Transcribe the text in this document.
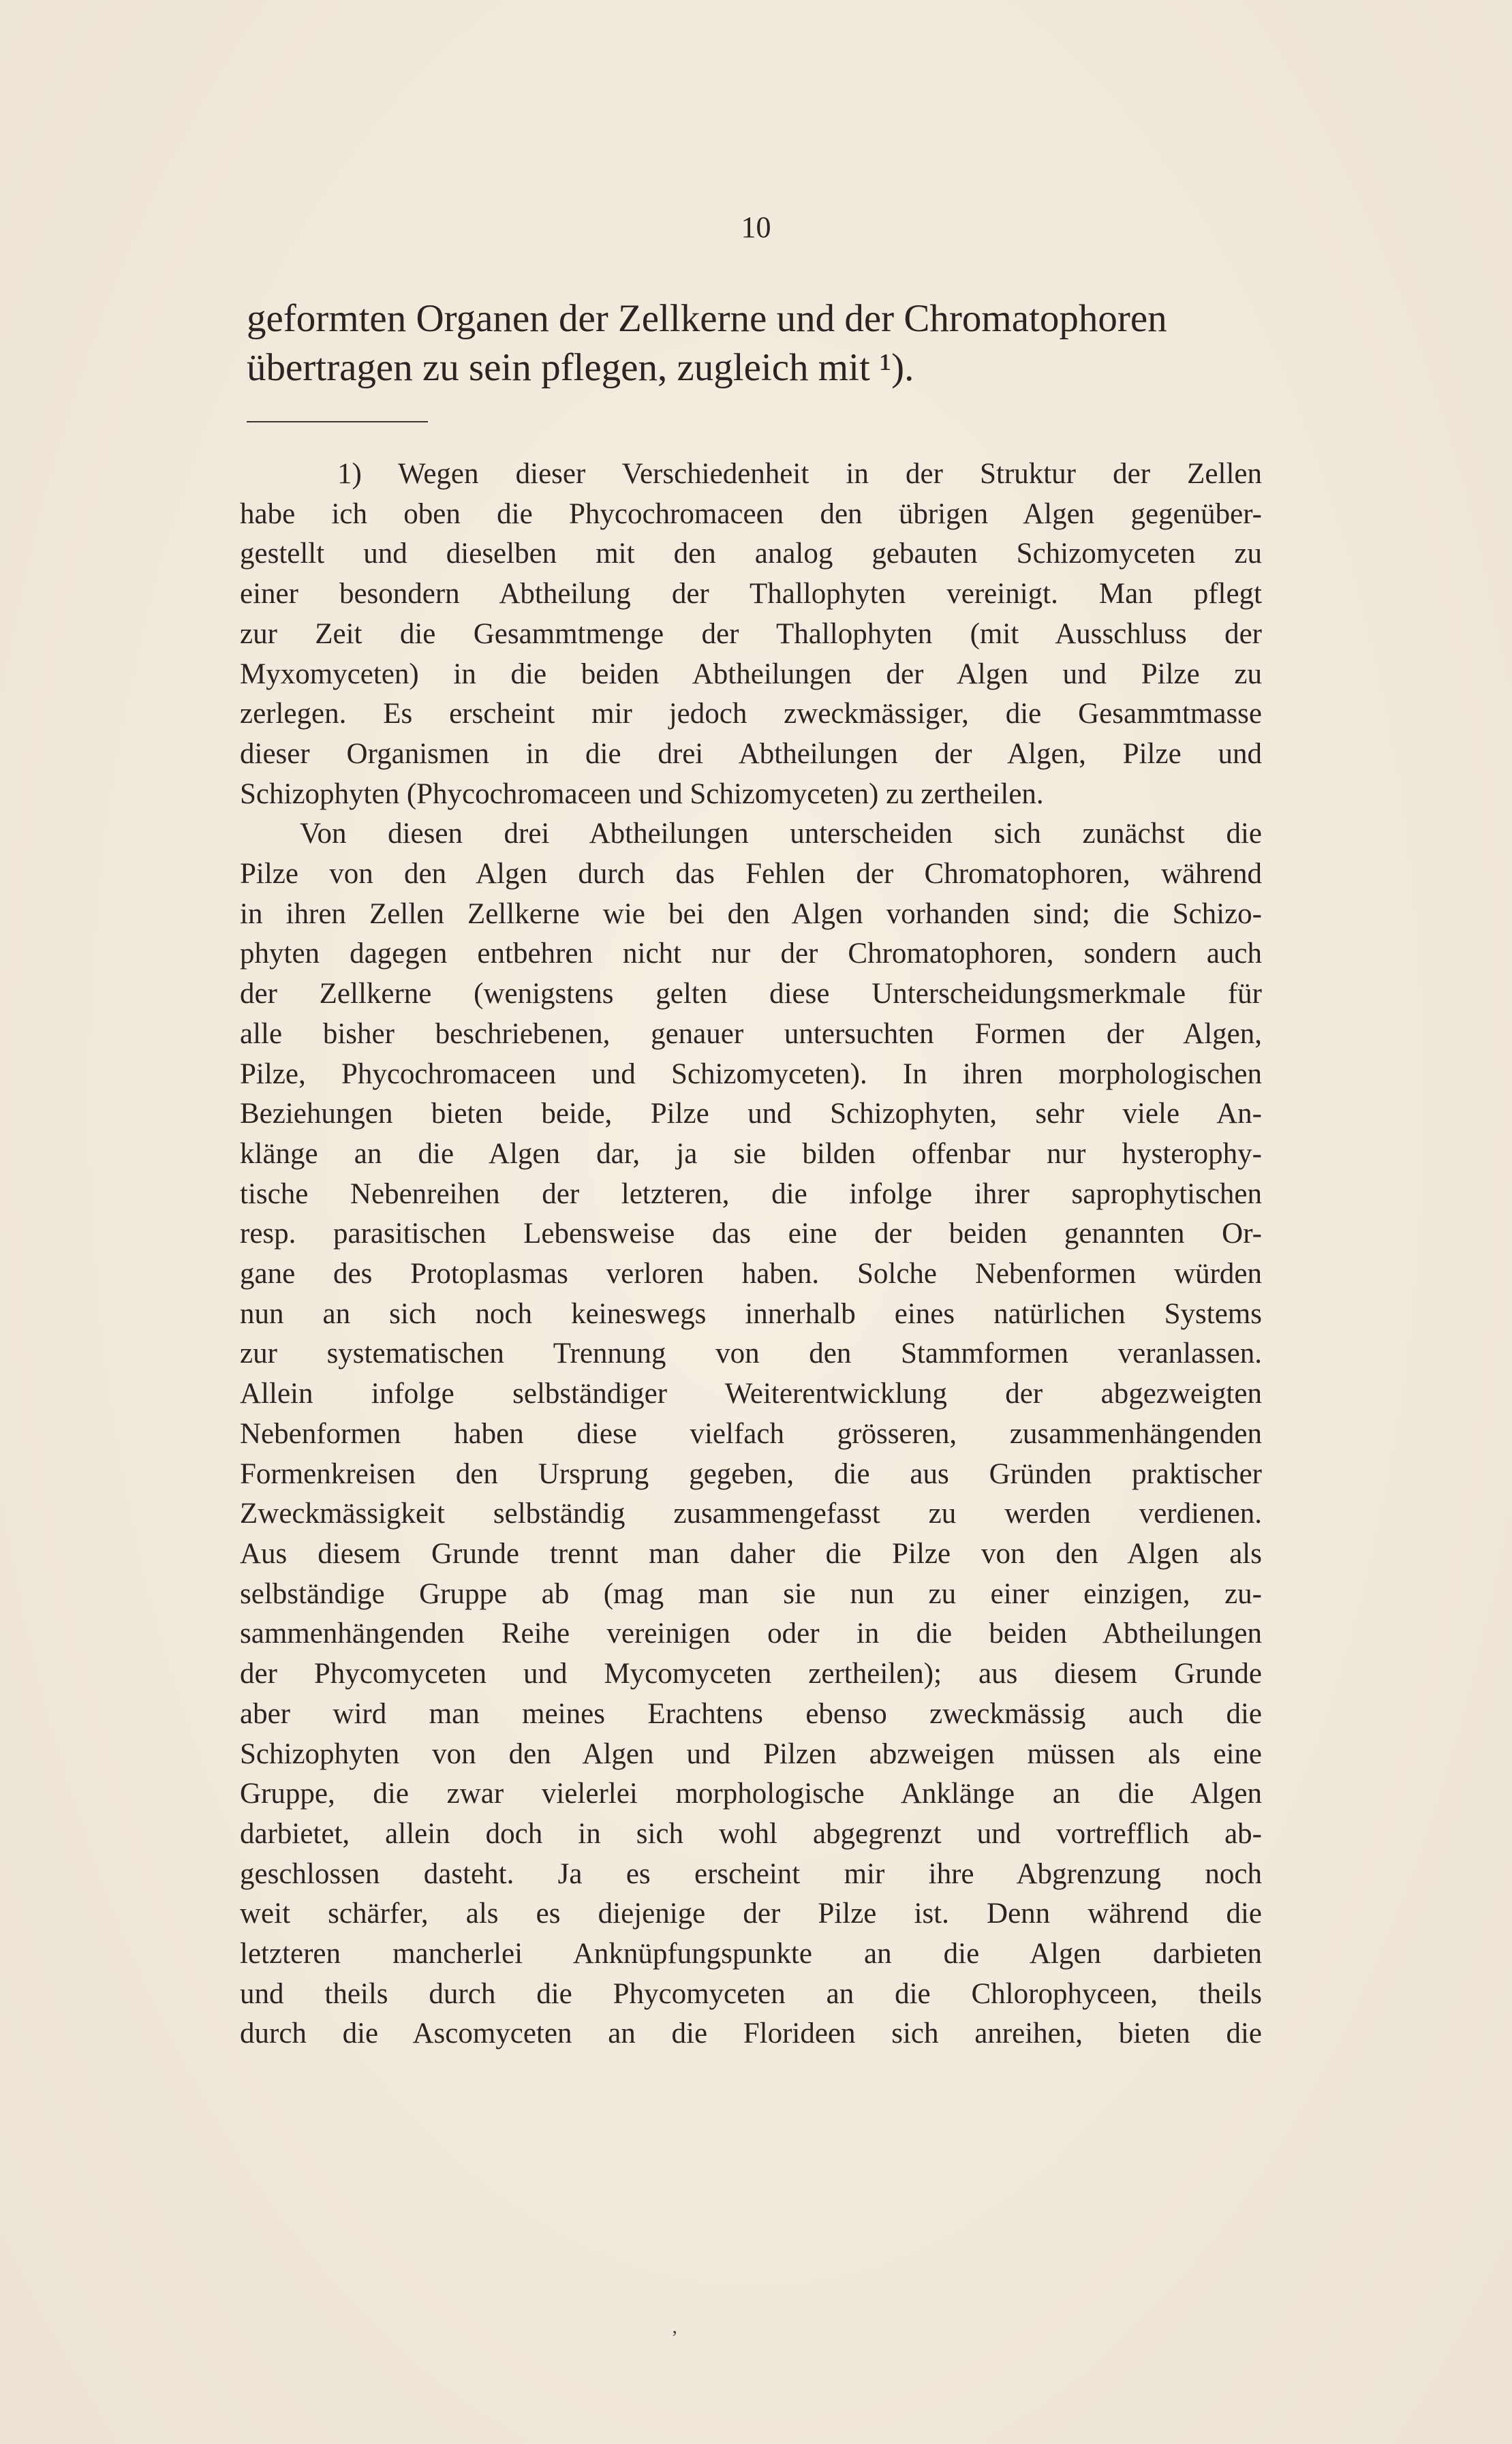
10
geformten Organen der Zellkerne und der Chromatophoren
übertragen zu sein pflegen, zugleich mit ¹).
1) Wegen dieser Verschiedenheit in der Struktur der Zellen
habe ich oben die Phycochromaceen den übrigen Algen gegenüber-
gestellt und dieselben mit den analog gebauten Schizomyceten zu
einer besondern Abtheilung der Thallophyten vereinigt. Man pflegt
zur Zeit die Gesammtmenge der Thallophyten (mit Ausschluss der
Myxomyceten) in die beiden Abtheilungen der Algen und Pilze zu
zerlegen. Es erscheint mir jedoch zweckmässiger, die Gesammtmasse
dieser Organismen in die drei Abtheilungen der Algen, Pilze und
Schizophyten (Phycochromaceen und Schizomyceten) zu zertheilen.
Von diesen drei Abtheilungen unterscheiden sich zunächst die
Pilze von den Algen durch das Fehlen der Chromatophoren, während
in ihren Zellen Zellkerne wie bei den Algen vorhanden sind; die Schizo-
phyten dagegen entbehren nicht nur der Chromatophoren, sondern auch
der Zellkerne (wenigstens gelten diese Unterscheidungsmerkmale für
alle bisher beschriebenen, genauer untersuchten Formen der Algen,
Pilze, Phycochromaceen und Schizomyceten). In ihren morphologischen
Beziehungen bieten beide, Pilze und Schizophyten, sehr viele An-
klänge an die Algen dar, ja sie bilden offenbar nur hysterophy-
tische Nebenreihen der letzteren, die infolge ihrer saprophytischen
resp. parasitischen Lebensweise das eine der beiden genannten Or-
gane des Protoplasmas verloren haben. Solche Nebenformen würden
nun an sich noch keineswegs innerhalb eines natürlichen Systems
zur systematischen Trennung von den Stammformen veranlassen.
Allein infolge selbständiger Weiterentwicklung der abgezweigten
Nebenformen haben diese vielfach grösseren, zusammenhängenden
Formenkreisen den Ursprung gegeben, die aus Gründen praktischer
Zweckmässigkeit selbständig zusammengefasst zu werden verdienen.
Aus diesem Grunde trennt man daher die Pilze von den Algen als
selbständige Gruppe ab (mag man sie nun zu einer einzigen, zu-
sammenhängenden Reihe vereinigen oder in die beiden Abtheilungen
der Phycomyceten und Mycomyceten zertheilen); aus diesem Grunde
aber wird man meines Erachtens ebenso zweckmässig auch die
Schizophyten von den Algen und Pilzen abzweigen müssen als eine
Gruppe, die zwar vielerlei morphologische Anklänge an die Algen
darbietet, allein doch in sich wohl abgegrenzt und vortrefflich ab-
geschlossen dasteht. Ja es erscheint mir ihre Abgrenzung noch
weit schärfer, als es diejenige der Pilze ist. Denn während die
letzteren mancherlei Anknüpfungspunkte an die Algen darbieten
und theils durch die Phycomyceten an die Chlorophyceen, theils
durch die Ascomyceten an die Florideen sich anreihen, bieten die
‚
